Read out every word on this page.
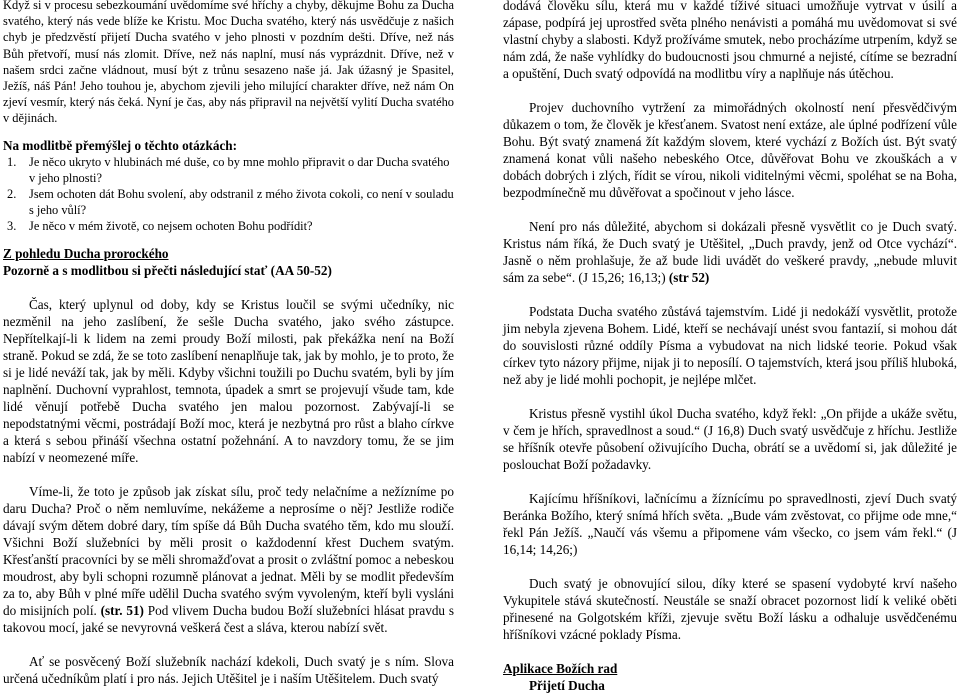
Když si v procesu sebezkoumání uvědomíme své hříchy a chyby, děkujme Bohu za Ducha svatého, který nás vede blíže ke Kristu. Moc Ducha svatého, který nás usvědčuje z našich chyb je předzvěstí přijetí Ducha svatého v jeho plnosti v pozdním dešti. Dříve, než nás Bůh přetvoří, musí nás zlomit. Dříve, než nás naplní, musí nás vyprázdnit. Dříve, než v našem srdci začne vládnout, musí být z trůnu sesazeno naše já. Jak úžasný je Spasitel, Ježíš, náš Pán! Jeho touhou je, abychom zjevili jeho milující charakter dříve, než nám On zjeví vesmír, který nás čeká. Nyní je čas, aby nás připravil na největší vylití Ducha svatého v dějinách.

Na modlitbě přemýšlej o těchto otázkách:

1.	Je něco ukryto v hlubinách mé duše, co by mne mohlo připravit o dar Ducha svatého v jeho plnosti?
2.	Jsem ochoten dát Bohu svolení, aby odstranil z mého života cokoli, co není v souladu s jeho vůlí?
3.	Je něco v mém životě, co nejsem ochoten Bohu podřídit?

Z pohledu Ducha prorockého

Pozorně a s modlitbou si přečti následující stať (AA 50-52)

Čas, který uplynul od doby, kdy se Kristus loučil se svými učedníky, nic nezměnil na jeho zaslíbení, že sešle Ducha svatého, jako svého zástupce. Nepřítelkají-li k lidem na zemi proudy Boží milosti, pak překážka není na Boží straně. Pokud se zdá, že se toto zaslíbení nenaplňuje tak, jak by mohlo, je to proto, že si je lidé neváží tak, jak by měli. Kdyby všichni toužili po Duchu svatém, byli by jím naplnění. Duchovní vyprahlost, temnota, úpadek a smrt se projevují všude tam, kde lidé věnují potřebě Ducha svatého jen malou pozornost. Zabývají-li se nepodstatnými věcmi, postrádají Boží moc, která je nezbytná pro růst a blaho církve a která s sebou přináší všechna ostatní požehnání. A to navzdory tomu, že se jim nabízí v neomezené míře.

Víme-li, že toto je způsob jak získat sílu, proč tedy nelačníme a nežízníme po daru Ducha? Proč o něm nemluvíme, nekážeme a neprosíme o něj? Jestliže rodiče dávají svým dětem dobré dary, tím spíše dá Bůh Ducha svatého těm, kdo mu slouží. Všichni Boží služebníci by měli prosit o každodenní křest Duchem svatým. Křesťanští pracovníci by se měli shromažďovat a prosit o zvláštní pomoc a nebeskou moudrost, aby byli schopni rozumně plánovat a jednat. Měli by se modlit především za to, aby Bůh v plné míře udělil Ducha svatého svým vyvoleným, kteří byli vysláni do misijních polí. (str. 51) Pod vlivem Ducha budou Boží služebníci hlásat pravdu s takovou mocí, jaké se nevyrovná veškerá čest a sláva, kterou nabízí svět.

Ať se posvěcený Boží služebník nachází kdekoli, Duch svatý je s ním. Slova určená učedníkům platí i pro nás. Jejich Utěšitel je i naším Utěšitelem. Duch svatý

dodává člověku sílu, která mu v každé tíživé situaci umožňuje vytrvat v úsilí a zápase, podpírá jej uprostřed světa plného nenávisti a pomáhá mu uvědomovat si své vlastní chyby a slabosti. Když prožíváme smutek, nebo procházíme utrpením, když se nám zdá, že naše vyhlídky do budoucnosti jsou chmurné a nejisté, cítíme se bezradní a opuštění, Duch svatý odpovídá na modlitbu víry a naplňuje nás útěchou.

Projev duchovního vytržení za mimořádných okolností není přesvědčivým důkazem o tom, že člověk je křesťanem. Svatost není extáze, ale úplné podřízení vůle Bohu. Být svatý znamená žít každým slovem, které vychází z Božích úst. Být svatý znamená konat vůli našeho nebeského Otce, důvěřovat Bohu ve zkouškách a v dobách dobrých i zlých, řídit se vírou, nikoli viditelnými věcmi, spoléhat se na Boha, bezpodmínečně mu důvěřovat a spočinout v jeho lásce.

Není pro nás důležité, abychom si dokázali přesně vysvětlit co je Duch svatý. Kristus nám říká, že Duch svatý je Utěšitel, „Duch pravdy, jenž od Otce vychází“. Jasně o něm prohlašuje, že až bude lidi uvádět do veškeré pravdy, „nebude mluvit sám za sebe“. (J 15,26; 16,13;) (str 52)

Podstata Ducha svatého zůstává tajemstvím. Lidé ji nedokáží vysvětlit, protože jim nebyla zjevena Bohem. Lidé, kteří se nechávají unést svou fantazií, si mohou dát do souvislosti různé oddíly Písma a vybudovat na nich lidské teorie. Pokud však církev tyto názory přijme, nijak ji to neposílí. O tajemstvích, která jsou příliš hluboká, než aby je lidé mohli pochopit, je nejlépe mlčet.

Kristus přesně vystihl úkol Ducha svatého, když řekl: „On přijde a ukáže světu, v čem je hřích, spravedlnost a soud.“ (J 16,8) Duch svatý usvědčuje z hříchu. Jestliže se hříšník otevře působení oživujícího Ducha, obrátí se a uvědomí si, jak důležité je poslouchat Boží požadavky.

Kajícímu hříšníkovi, lačnícímu a žíznícímu po spravedlnosti, zjeví Duch svatý Beránka Božího, který snímá hřích světa. „Bude vám zvěstovat, co přijme ode mne,“ řekl Pán Ježíš. „Naučí vás všemu a připomene vám všecko, co jsem vám řekl.“ (J 16,14; 14,26;)

Duch svatý je obnovující silou, díky které se spasení vydobyté krví našeho Vykupitele stává skutečností. Neustále se snaží obracet pozornost lidí k veliké oběti přinesené na Golgotském kříži, zjevuje světu Boží lásku a odhaluje usvědčenému hříšníkovi vzácné poklady Písma.

Aplikace Božích rad

Přijetí Ducha
